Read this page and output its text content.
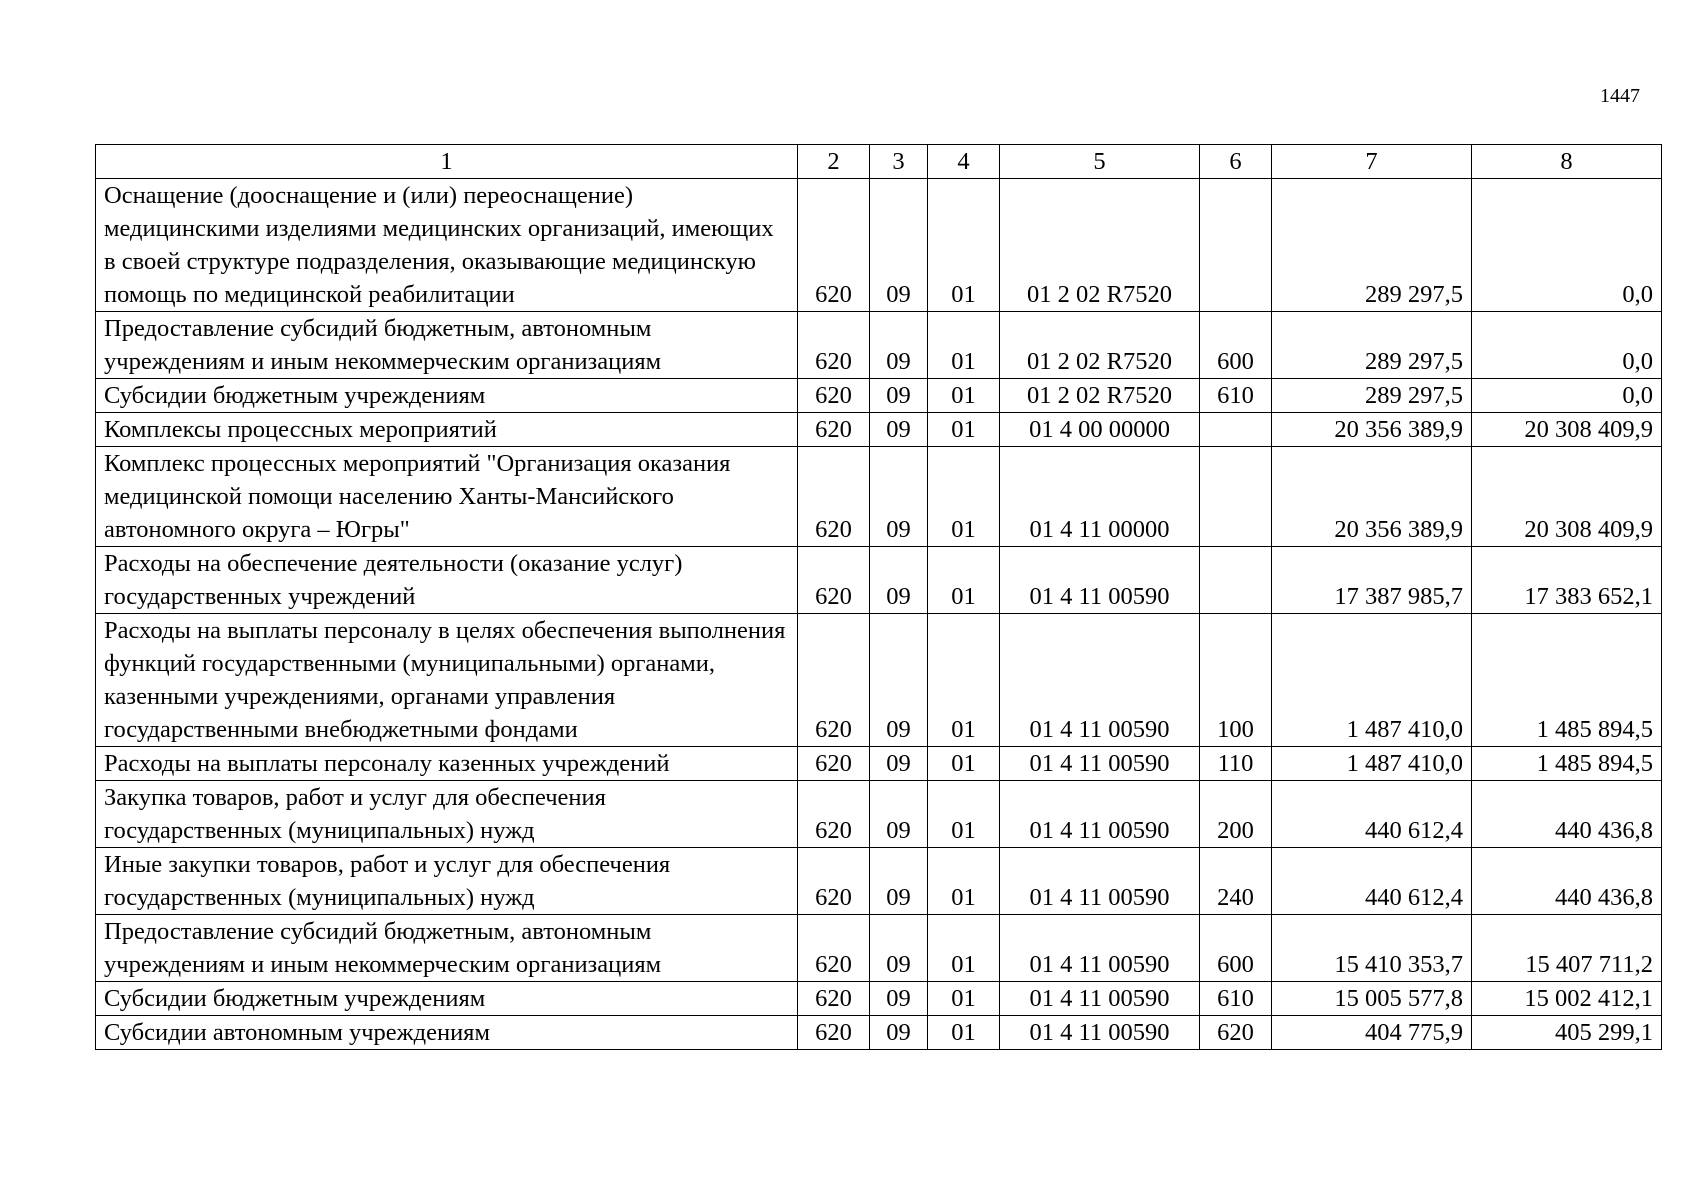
1447
1	2	3	4	5	6	7	8
Оснащение (дооснащение и (или) переоснащение) медицинскими изделиями медицинских организаций, имеющих в своей структуре подразделения, оказывающие медицинскую помощь по медицинской реабилитации	620	09	01	01 2 02 R7520		289 297,5	0,0
Предоставление субсидий бюджетным, автономным учреждениям и иным некоммерческим организациям	620	09	01	01 2 02 R7520	600	289 297,5	0,0
Субсидии бюджетным учреждениям	620	09	01	01 2 02 R7520	610	289 297,5	0,0
Комплексы процессных мероприятий	620	09	01	01 4 00 00000		20 356 389,9	20 308 409,9
Комплекс процессных мероприятий "Организация оказания медицинской помощи населению Ханты-Мансийского автономного округа – Югры"	620	09	01	01 4 11 00000		20 356 389,9	20 308 409,9
Расходы на обеспечение деятельности (оказание услуг) государственных учреждений	620	09	01	01 4 11 00590		17 387 985,7	17 383 652,1
Расходы на выплаты персоналу в целях обеспечения выполнения функций государственными (муниципальными) органами, казенными учреждениями, органами управления государственными внебюджетными фондами	620	09	01	01 4 11 00590	100	1 487 410,0	1 485 894,5
Расходы на выплаты персоналу казенных учреждений	620	09	01	01 4 11 00590	110	1 487 410,0	1 485 894,5
Закупка товаров, работ и услуг для обеспечения государственных (муниципальных) нужд	620	09	01	01 4 11 00590	200	440 612,4	440 436,8
Иные закупки товаров, работ и услуг для обеспечения государственных (муниципальных) нужд	620	09	01	01 4 11 00590	240	440 612,4	440 436,8
Предоставление субсидий бюджетным, автономным учреждениям и иным некоммерческим организациям	620	09	01	01 4 11 00590	600	15 410 353,7	15 407 711,2
Субсидии бюджетным учреждениям	620	09	01	01 4 11 00590	610	15 005 577,8	15 002 412,1
Субсидии автономным учреждениям	620	09	01	01 4 11 00590	620	404 775,9	405 299,1
